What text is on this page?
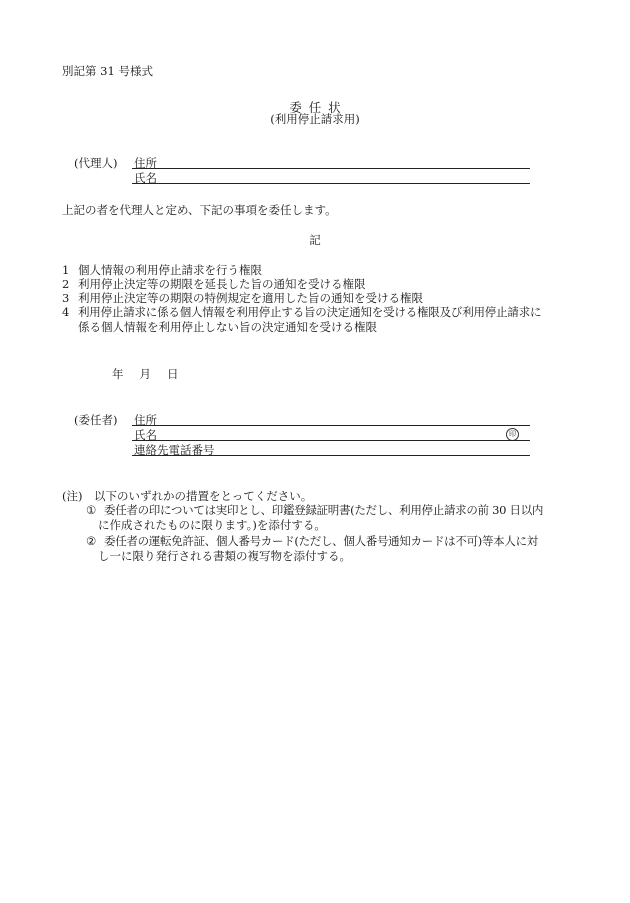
別記第 31 号様式
委任状
(利用停止請求用)
(代理人) 住所
氏名
上記の者を代理人と定め、下記の事項を委任します。
記
1 個人情報の利用停止請求を行う権限
2 利用停止決定等の期限を延長した旨の通知を受ける権限
3 利用停止決定等の期限の特例規定を適用した旨の通知を受ける権限
4 利用停止請求に係る個人情報を利用停止する旨の決定通知を受ける権限及び利用停止請求に
係る個人情報を利用停止しない旨の決定通知を受ける権限
年 月 日
(委任者) 住所
氏名	印
連絡先電話番号
(注)　以下のいずれかの措置をとってください。
① 委任者の印については実印とし、印鑑登録証明書(ただし、利用停止請求の前 30 日以内
に作成されたものに限ります。)を添付する。
② 委任者の運転免許証、個人番号カード(ただし、個人番号通知カードは不可)等本人に対
し一に限り発行される書類の複写物を添付する。
